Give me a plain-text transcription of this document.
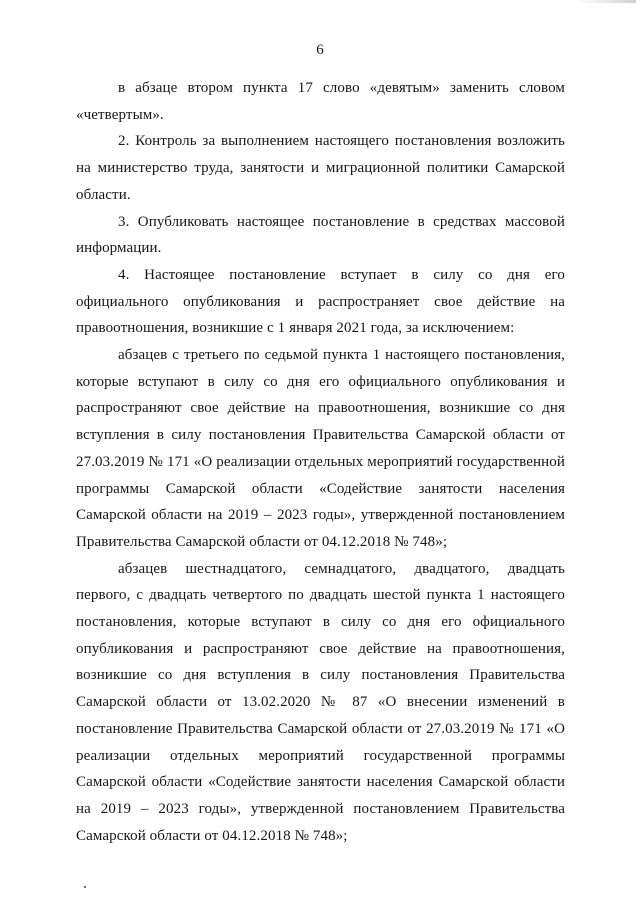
6

в абзаце втором пункта 17 слово «девятым» заменить словом «четвертым».

2. Контроль за выполнением настоящего постановления возложить на министерство труда, занятости и миграционной политики Самарской области.

3. Опубликовать настоящее постановление в средствах массовой информации.

4. Настоящее постановление вступает в силу со дня его официального опубликования и распространяет свое действие на правоотношения, возникшие с 1 января 2021 года, за исключением:

абзацев с третьего по седьмой пункта 1 настоящего постановления, которые вступают в силу со дня его официального опубликования и распространяют свое действие на правоотношения, возникшие со дня вступления в силу постановления Правительства Самарской области от 27.03.2019 № 171 «О реализации отдельных мероприятий государственной программы Самарской области «Содействие занятости населения Самарской области на 2019 – 2023 годы», утвержденной постановлением Правительства Самарской области от 04.12.2018 № 748»;

абзацев шестнадцатого, семнадцатого, двадцатого, двадцать первого, с двадцать четвертого по двадцать шестой пункта 1 настоящего постановления, которые вступают в силу со дня его официального опубликования и распространяют свое действие на правоотношения, возникшие со дня вступления в силу постановления Правительства Самарской области от 13.02.2020 № 87 «О внесении изменений в постановление Правительства Самарской области от 27.03.2019 № 171 «О реализации отдельных мероприятий государственной программы Самарской области «Содействие занятости населения Самарской области на 2019 – 2023 годы», утвержденной постановлением Правительства Самарской области от 04.12.2018 № 748»;
